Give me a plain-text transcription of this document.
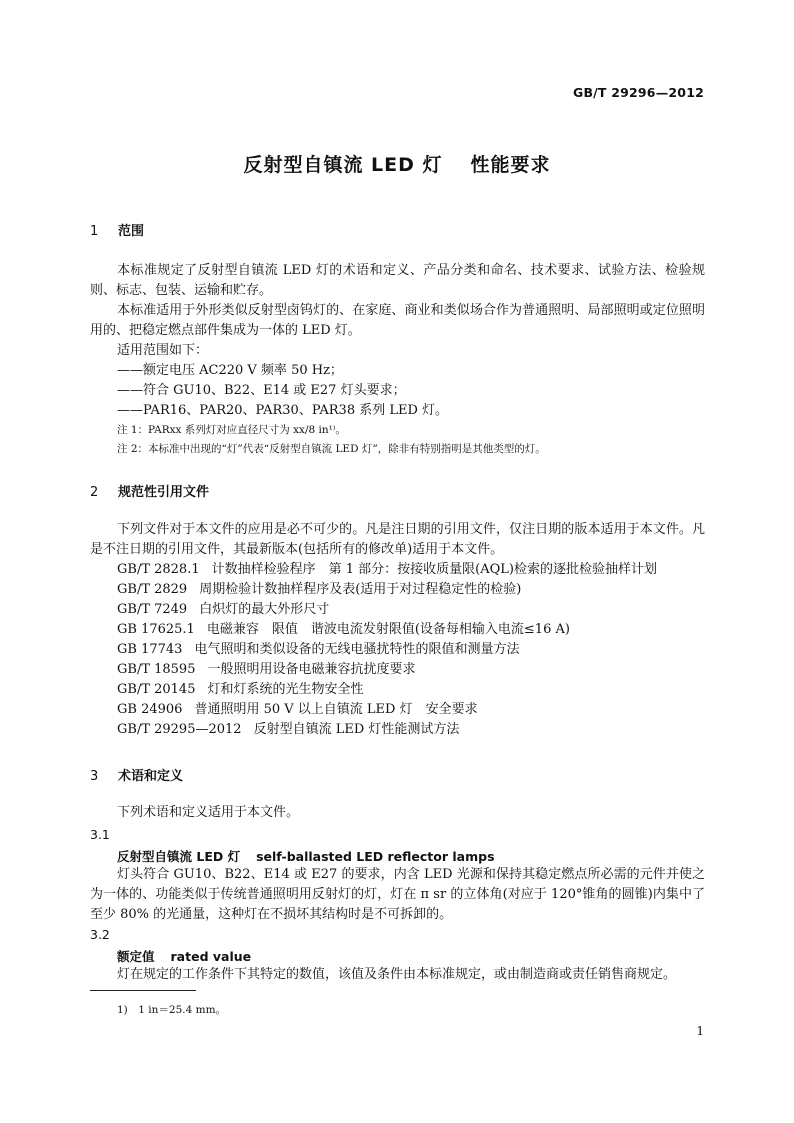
GB/T 29296—2012
反射型自镇流 LED 灯 性能要求
1 范围

本标准规定了反射型自镇流 LED 灯的术语和定义、产品分类和命名、技术要求、试验方法、检验规则、标志、包装、运输和贮存。

本标准适用于外形类似反射型卤钨灯的、在家庭、商业和类似场合作为普通照明、局部照明或定位照明用的、把稳定燃点部件集成为一体的 LED 灯。

适用范围如下：

——额定电压 AC220 V 频率 50 Hz；

——符合 GU10、B22、E14 或 E27 灯头要求；

——PAR16、PAR20、PAR30、PAR38 系列 LED 灯。

注 1：PARxx 系列灯对应直径尺寸为 xx/8 in¹⁾。

注 2：本标准中出现的“灯”代表“反射型自镇流 LED 灯”，除非有特别指明是其他类型的灯。

2 规范性引用文件

下列文件对于本文件的应用是必不可少的。凡是注日期的引用文件，仅注日期的版本适用于本文件。凡是不注日期的引用文件，其最新版本(包括所有的修改单)适用于本文件。

GB/T 2828.1 计数抽样检验程序　第 1 部分：按接收质量限(AQL)检索的逐批检验抽样计划

GB/T 2829 周期检验计数抽样程序及表(适用于对过程稳定性的检验)

GB/T 7249 白炽灯的最大外形尺寸

GB 17625.1 电磁兼容　限值　谐波电流发射限值(设备每相输入电流≤16 A)

GB 17743 电气照明和类似设备的无线电骚扰特性的限值和测量方法

GB/T 18595 一般照明用设备电磁兼容抗扰度要求

GB/T 20145 灯和灯系统的光生物安全性

GB 24906 普通照明用 50 V 以上自镇流 LED 灯　安全要求

GB/T 29295—2012 反射型自镇流 LED 灯性能测试方法

3 术语和定义

下列术语和定义适用于本文件。

3.1
反射型自镇流 LED 灯 self-ballasted LED reflector lamps

灯头符合 GU10、B22、E14 或 E27 的要求，内含 LED 光源和保持其稳定燃点所必需的元件并使之为一体的、功能类似于传统普通照明用反射灯的灯，灯在 π sr 的立体角(对应于 120°锥角的圆锥)内集中了至少 80% 的光通量，这种灯在不损坏其结构时是不可拆卸的。

3.2
额定值 rated value

灯在规定的工作条件下其特定的数值，该值及条件由本标准规定，或由制造商或责任销售商规定。

1)　1 in＝25.4 mm。
1
